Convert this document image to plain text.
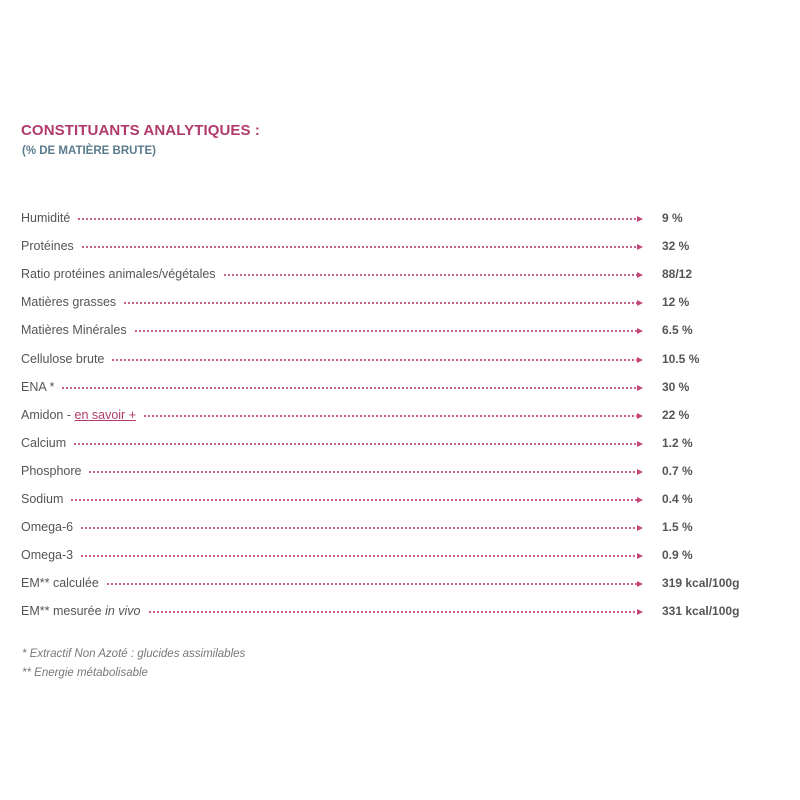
CONSTITUANTS ANALYTIQUES :
(% DE MATIÈRE BRUTE)
Humidité	9 %
Protéines	32 %
Ratio protéines animales/végétales	88/12
Matières grasses	12 %
Matières Minérales	6.5 %
Cellulose brute	10.5 %
ENA *	30 %
Amidon - en savoir +	22 %
Calcium	1.2 %
Phosphore	0.7 %
Sodium	0.4 %
Omega-6	1.5 %
Omega-3	0.9 %
EM** calculée	319 kcal/100g
EM** mesurée in vivo	331 kcal/100g
* Extractif Non Azoté : glucides assimilables
** Energie métabolisable
